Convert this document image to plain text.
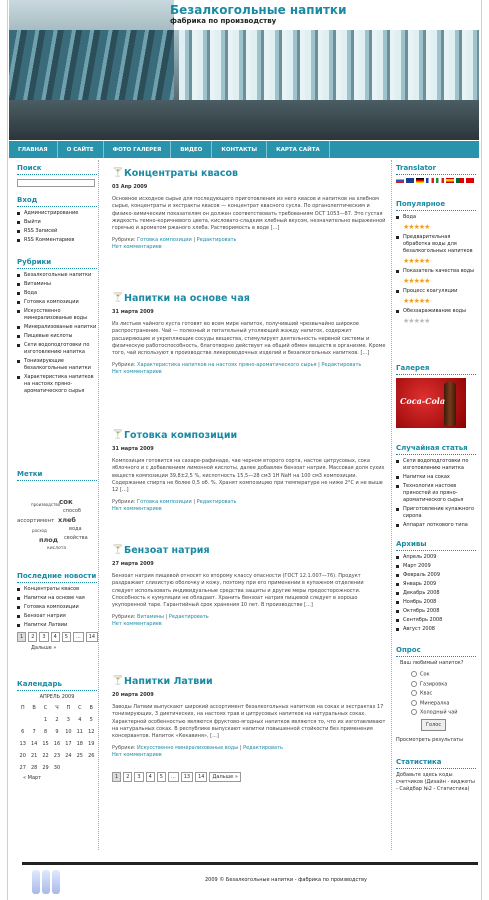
Безалкогольные напитки
фабрика по производству
ГЛАВНАЯ	О САЙТЕ	ФОТО ГАЛЕРЕЯ	ВИДЕО	КОНТАКТЫ	КАРТА САЙТА
Поиск
Вход
Администрирование
Выйти
RSS Записей
RSS Комментариев
Рубрики
Безалкогольные напитки
Витамины
Вода
Готовка композиции
Искусственно минерализованые воды
Минерализованые напитки
Пищевые кислоты
Сети водоподготовки по изготовлению напитка
Тонизирующие безалкогольные напитки
Характеристика напитков на настоях пряно-ароматического сырья
Метки
производство
сок
способ
ассортимент хлеб
расход	вода
плод свойства
кислота
Последние новости
Концентраты квасов
Напитки на основе чая
Готовка композиции
Бензоат натрия
Напитки Латвии
1	2	3	4	5	...	14
Дальше »
Календарь
АПРЕЛЬ 2009
П	В	С	Ч	П	С	В
		1	2	3	4	5
6	7	8	9	10	11	12
13	14	15	16	17	18	19
20	21	22	23	24	25	26
27	28	29	30			
« Март
🍸 Концентраты квасов
03 Апр 2009
Основное исходное сырье для последующего приготовления из него квасов и напитков на хлебном сырье, концентраты и экстракты квасов — концентрат квасного сусла. По органолептическим и физико-химическим показателям он должен соответствовать требованиям ОСТ 1053—87. Это густая жидкость темно-коричневого цвета, кисловато-сладким хлебный вкусом, незначительно выраженной горечью и ароматом ржаного хлеба. Растворимость в воде [...]
Рубрики: Готовка композиции | Редактировать
Нет комментариев
🍸 Напитки на основе чая
31 марта 2009
Из листьев чайного куста готовят во всем мире напиток, получивший чрезвычайно широкое распространение. Чай — полезный и питательный утоляющий жажду напиток, содержит расширяющие и укрепляющие сосуды вещества, стимулирует деятельность нервной системы и физическую работоспособность, благотворно действует на общий обмен веществ в организме. Кроме того, чай используют в производстве ликероводочных изделий и безалкогольных напитков. [...]
Рубрики: Характеристика напитков на настоях пряно-ароматического сырья | Редактировать
Нет комментариев
🍸 Готовка композиции
31 марта 2009
Композиция готовится на сахаре-рафинаде, чае черном второго сорта, настое цитрусовых, сока яблочного и с добавлением лимонной кислоты, далее добавлен бензоат натрия. Массовая доля сухих веществ композиции 39,8±2,5 %, кислотность 15,5—28 см3 1Н NaH на 100 см3 композиции. Содержание спирта не более 0,5 об. %. Хранят композицию при температуре не ниже 2°С и не выше 12 [...]
Рубрики: Готовка композиции | Редактировать
Нет комментариев
🍸 Бензоат натрия
27 марта 2009
Бензоат натрия пищевой относят ко второму классу опасности (ГОСТ 12.1.007—76). Продукт раздражает слизистую оболочку и кожу, поэтому при его применении в купажном отделении следует использовать индивидуальные средства защиты и другие меры предосторожности. Способность к кумуляции не обладает. Хранить бензоат натрия пищевой следует в хорошо укупоренной таре. Гарантийный срок хранения 10 лет. В производстве [...]
Рубрики: Витамины | Редактировать
Нет комментариев
🍸 Напитки Латвии
20 марта 2009
Заводы Латвии выпускают широкий ассортимент безалкогольных напитков на сокаx и экстрактах 17 тонизирующих, 3 диетических, на настоях трав и цитрусовых напитков на натуральных соках. Характерной особенностью являются фруктово-ягодных напитков являются то, что их изготавливают на натуральных соках. В республике выпускают напитки повышенной стойкости без применения консервантов. Напиток «Кекавиня», [...]
Рубрики: Искусственно минерализованые воды | Редактировать
Нет комментариев
1	2	3	4	5	...	13	14	Дальше »
Translator
Популярное
Вода
★★★★★
Предварительная обработка воды для безалкогольных напитков
★★★★★
Показатель качества воды
★★★★★
Процесс коагуляции
★★★★★
Обеззараживание воды
★★★★★
Галерея
Coca-Cola
Случайная статья
Сети водоподготовки по изготовлению напитка
Напитки на сокаx
Технология настоев пряностей из пряно-ароматического сырья
Приготовление купажного сиропа
Аппарат лоткового типа
Архивы
Апрель 2009
Март 2009
Февраль 2009
Январь 2009
Декабрь 2008
Ноябрь 2008
Октябрь 2008
Сентябрь 2008
Август 2008
Опрос
Ваш любимый напиток?
Сок
Газировка
Квас
Минералка
Холодный чай
Голос
Просмотреть результаты
Статистика
Добавьте здесь коды счетчиков (Дизайн - виджеты - Сайдбар №2 - Статистика)
2009 © Безалкогольные напитки - фабрика по производству
